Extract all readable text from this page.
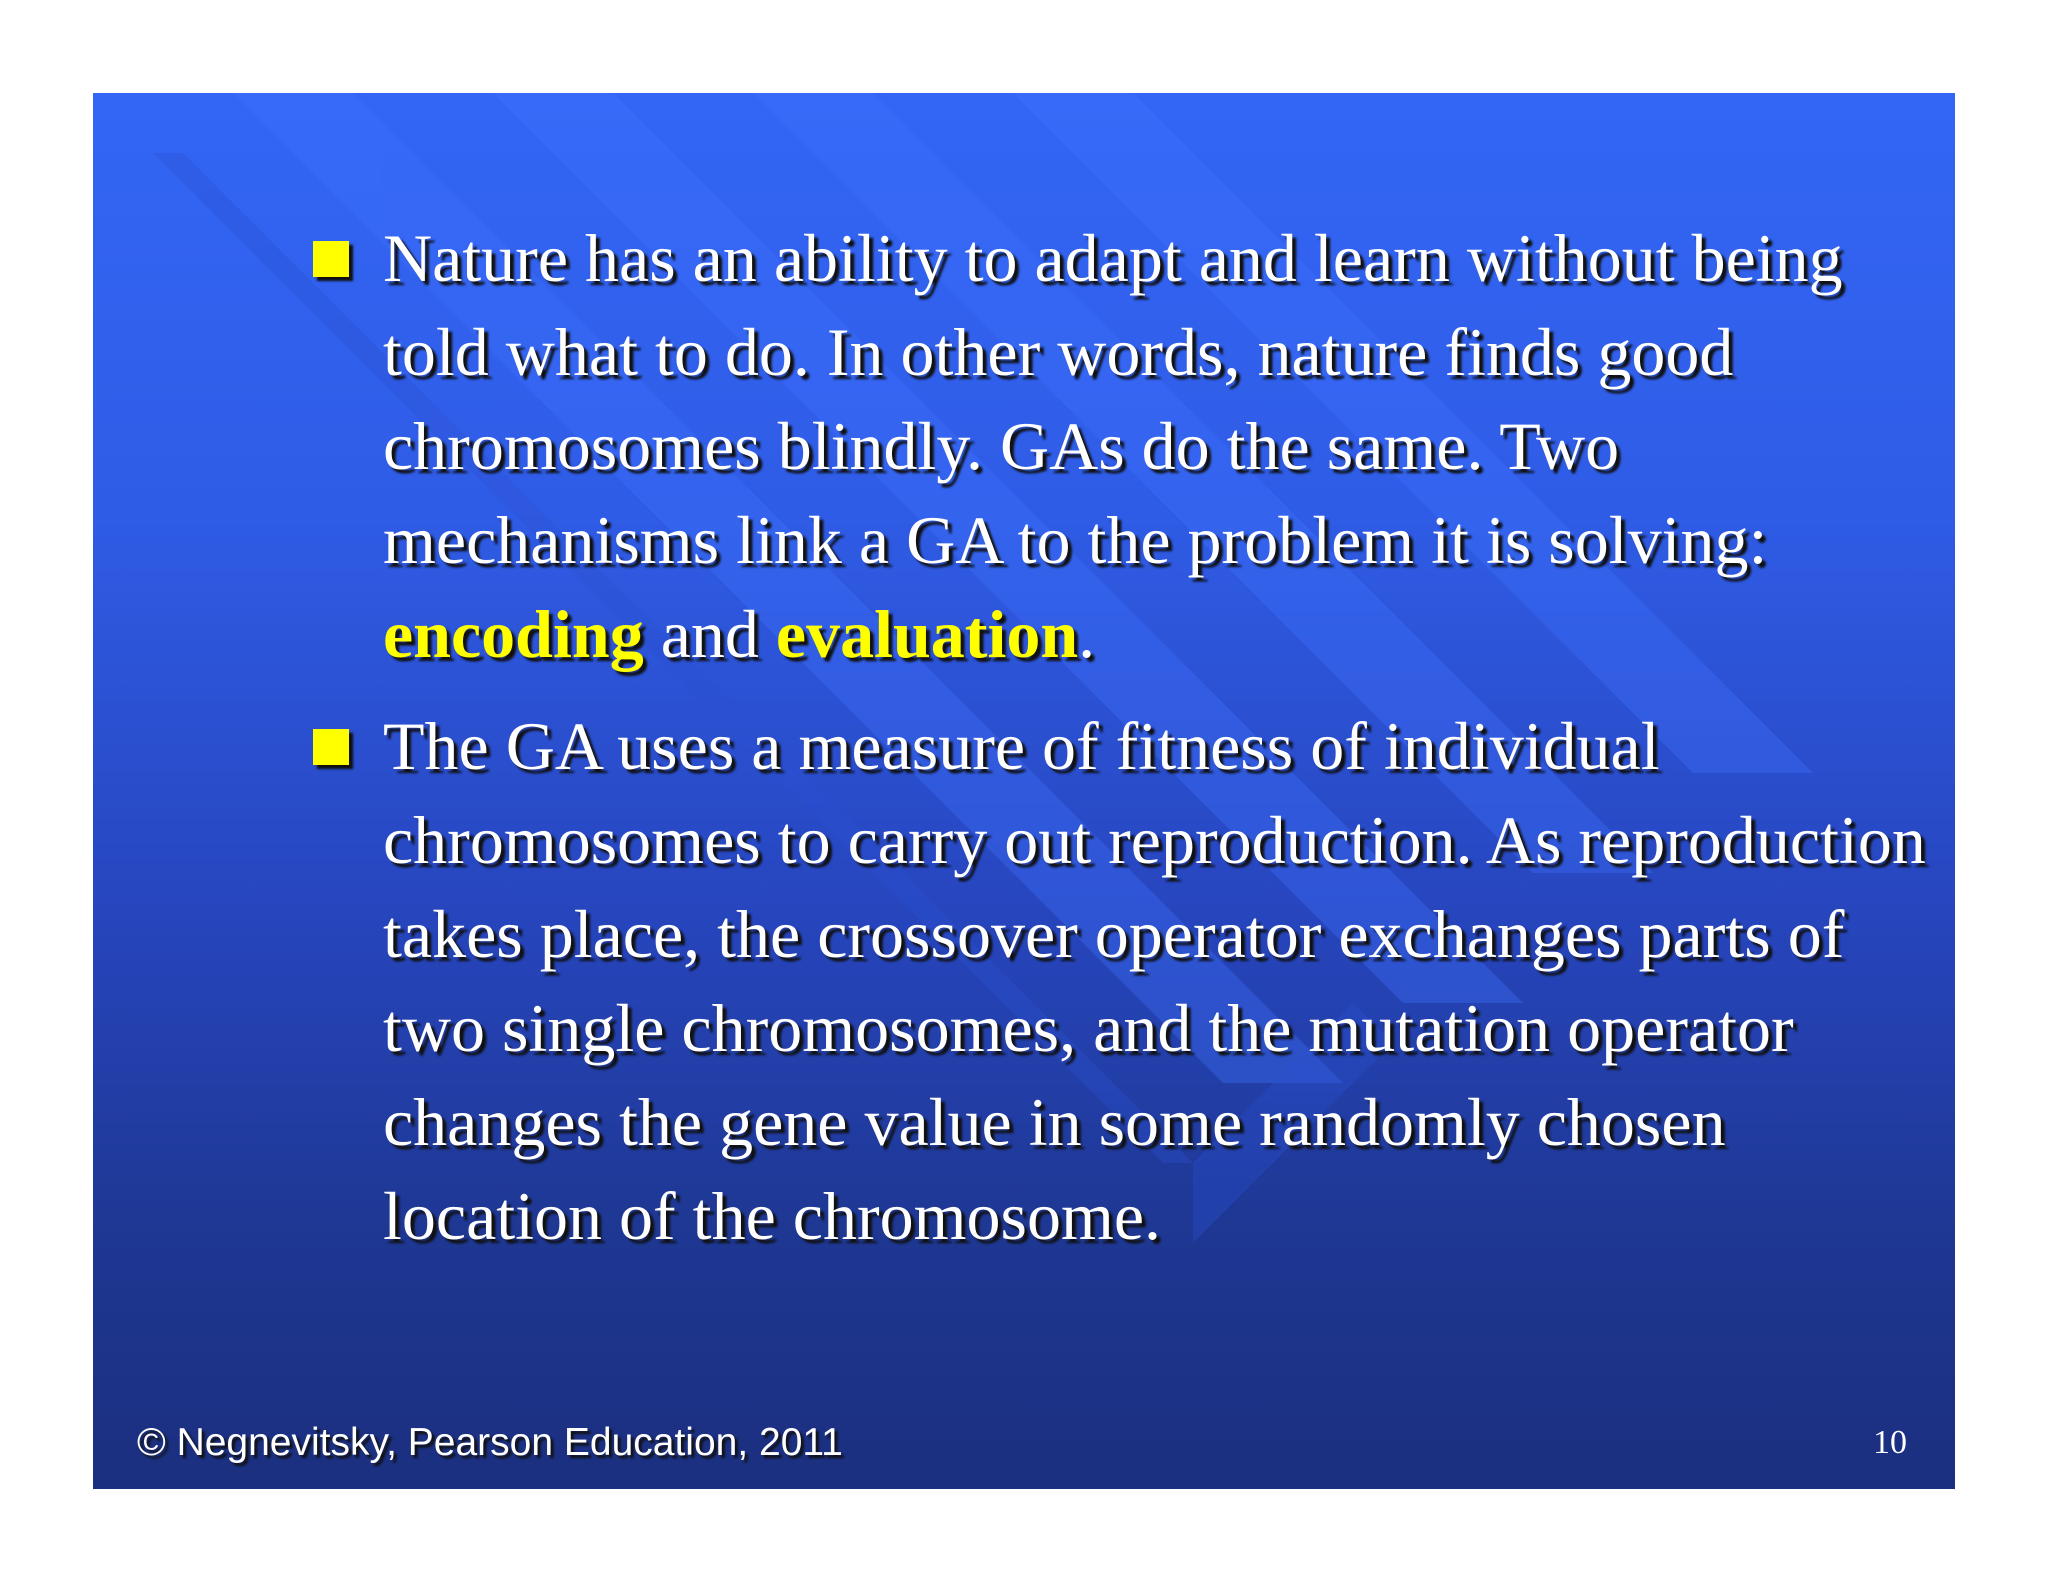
Nature has an ability to adapt and learn without being told what to do. In other words, nature finds good chromosomes blindly. GAs do the same. Two mechanisms link a GA to the problem it is solving: encoding and evaluation.
The GA uses a measure of fitness of individual chromosomes to carry out reproduction. As reproduction takes place, the crossover operator exchanges parts of two single chromosomes, and the mutation operator changes the gene value in some randomly chosen location of the chromosome.
© Negnevitsky, Pearson Education, 2011	10
